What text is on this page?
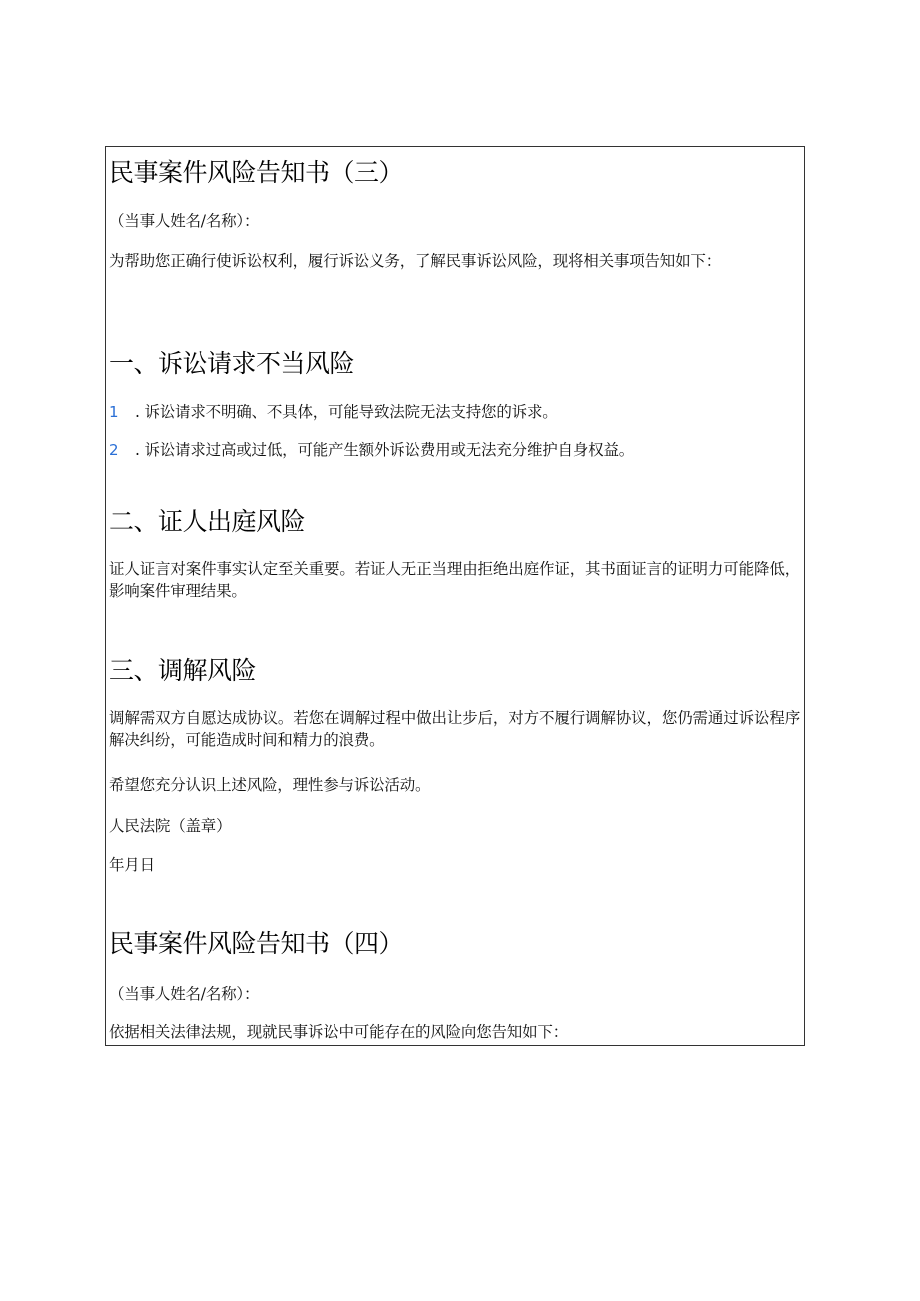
民事案件风险告知书（三）
（当事人姓名/名称）：
为帮助您正确行使诉讼权利，履行诉讼义务，了解民事诉讼风险，现将相关事项告知如下：
一、诉讼请求不当风险
1 . 诉讼请求不明确、不具体，可能导致法院无法支持您的诉求。
2 . 诉讼请求过高或过低，可能产生额外诉讼费用或无法充分维护自身权益。
二、证人出庭风险
证人证言对案件事实认定至关重要。若证人无正当理由拒绝出庭作证，其书面证言的证明力可能降低，影响案件审理结果。
三、调解风险
调解需双方自愿达成协议。若您在调解过程中做出让步后，对方不履行调解协议，您仍需通过诉讼程序解决纠纷，可能造成时间和精力的浪费。
希望您充分认识上述风险，理性参与诉讼活动。
人民法院（盖章）
年月日
民事案件风险告知书（四）
（当事人姓名/名称）：
依据相关法律法规，现就民事诉讼中可能存在的风险向您告知如下：
